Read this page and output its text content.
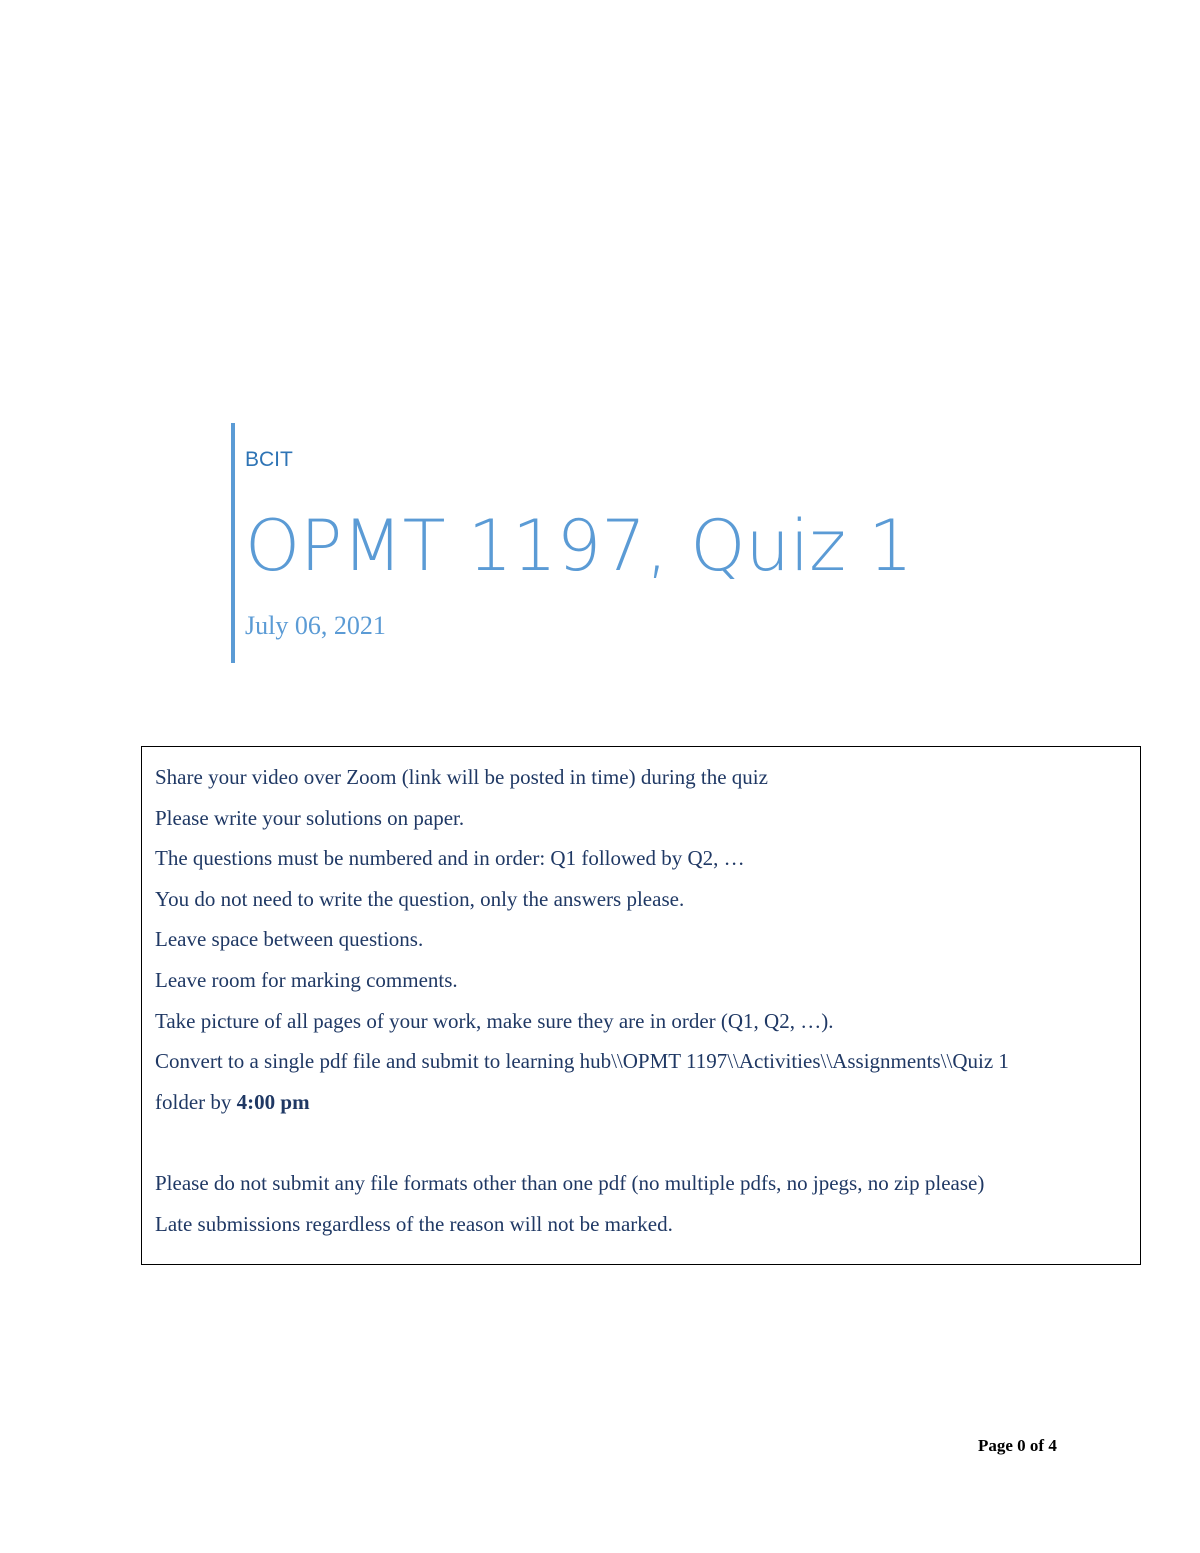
BCIT
OPMT 1197, Quiz 1
July 06, 2021
Share your video over Zoom (link will be posted in time) during the quiz
Please write your solutions on paper.
The questions must be numbered and in order: Q1 followed by Q2, …
You do not need to write the question, only the answers please.
Leave space between questions.
Leave room for marking comments.
Take picture of all pages of your work, make sure they are in order (Q1, Q2, …).
Convert to a single pdf file and submit to learning hub\\OPMT 1197\\Activities\\Assignments\\Quiz 1
folder by 4:00 pm
Please do not submit any file formats other than one pdf (no multiple pdfs, no jpegs, no zip please)
Late submissions regardless of the reason will not be marked.
Page 0 of 4
